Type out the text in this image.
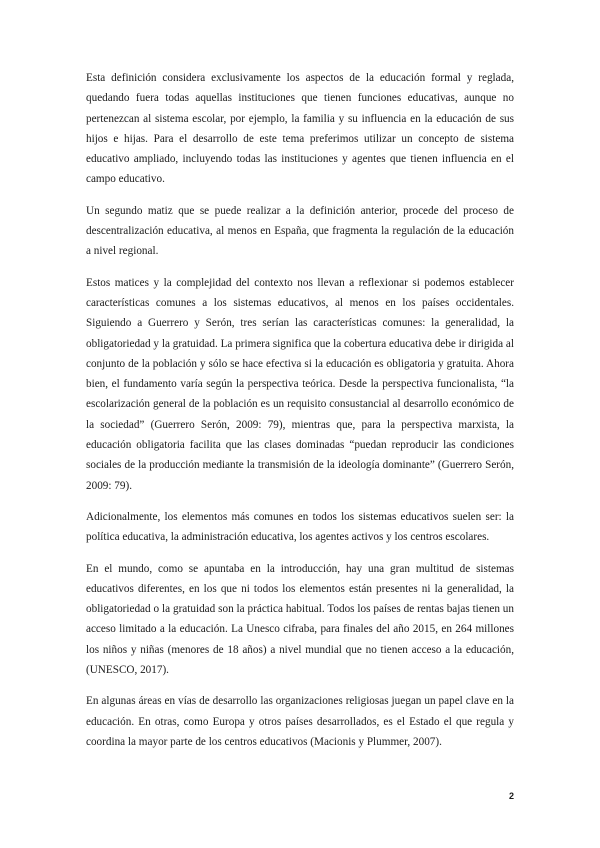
Esta definición considera exclusivamente los aspectos de la educación formal y reglada, quedando fuera todas aquellas instituciones que tienen funciones educativas, aunque no pertenezcan al sistema escolar, por ejemplo, la familia y su influencia en la educación de sus hijos e hijas. Para el desarrollo de este tema preferimos utilizar un concepto de sistema educativo ampliado, incluyendo todas las instituciones y agentes que tienen influencia en el campo educativo.

Un segundo matiz que se puede realizar a la definición anterior, procede del proceso de descentralización educativa, al menos en España, que fragmenta la regulación de la educación a nivel regional.

Estos matices y la complejidad del contexto nos llevan a reflexionar si podemos establecer características comunes a los sistemas educativos, al menos en los países occidentales. Siguiendo a Guerrero y Serón, tres serían las características comunes: la generalidad, la obligatoriedad y la gratuidad. La primera significa que la cobertura educativa debe ir dirigida al conjunto de la población y sólo se hace efectiva si la educación es obligatoria y gratuita. Ahora bien, el fundamento varía según la perspectiva teórica. Desde la perspectiva funcionalista, “la escolarización general de la población es un requisito consustancial al desarrollo económico de la sociedad” (Guerrero Serón, 2009: 79), mientras que, para la perspectiva marxista, la educación obligatoria facilita que las clases dominadas “puedan reproducir las condiciones sociales de la producción mediante la transmisión de la ideología dominante” (Guerrero Serón, 2009: 79).

Adicionalmente, los elementos más comunes en todos los sistemas educativos suelen ser: la política educativa, la administración educativa, los agentes activos y los centros escolares.

En el mundo, como se apuntaba en la introducción, hay una gran multitud de sistemas educativos diferentes, en los que ni todos los elementos están presentes ni la generalidad, la obligatoriedad o la gratuidad son la práctica habitual. Todos los países de rentas bajas tienen un acceso limitado a la educación. La Unesco cifraba, para finales del año 2015, en 264 millones los niños y niñas (menores de 18 años) a nivel mundial que no tienen acceso a la educación, (UNESCO, 2017).

En algunas áreas en vías de desarrollo las organizaciones religiosas juegan un papel clave en la educación. En otras, como Europa y otros países desarrollados, es el Estado el que regula y coordina la mayor parte de los centros educativos (Macionis y Plummer, 2007).

2
